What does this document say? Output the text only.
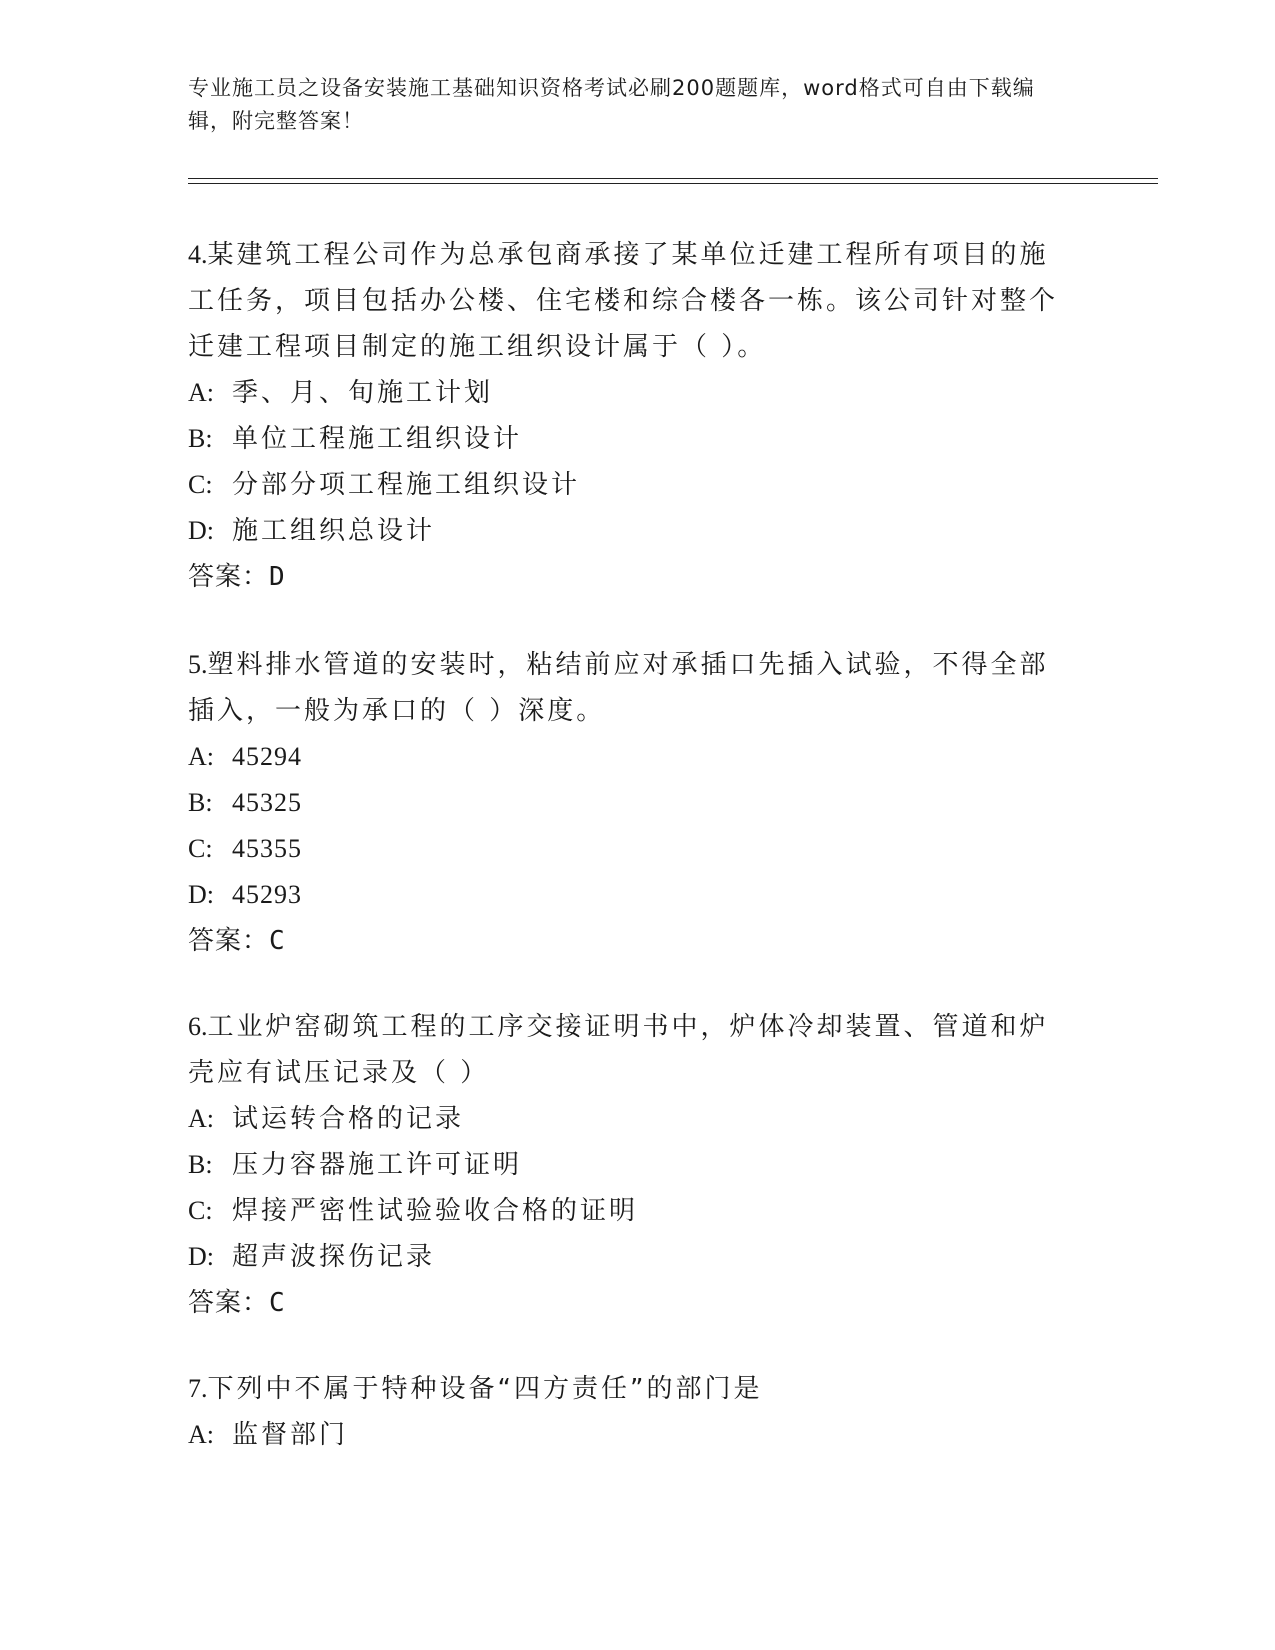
专业施工员之设备安装施工基础知识资格考试必刷200题题库，word格式可自由下载编辑，附完整答案！
4.某建筑工程公司作为总承包商承接了某单位迁建工程所有项目的施工任务，项目包括办公楼、住宅楼和综合楼各一栋。该公司针对整个迁建工程项目制定的施工组织设计属于（ ）。
A: 季、月、旬施工计划
B: 单位工程施工组织设计
C: 分部分项工程施工组织设计
D: 施工组织总设计
答案：D
5.塑料排水管道的安装时，粘结前应对承插口先插入试验，不得全部插入，一般为承口的（ ）深度。
A: 45294
B: 45325
C: 45355
D: 45293
答案：C
6.工业炉窑砌筑工程的工序交接证明书中，炉体冷却装置、管道和炉壳应有试压记录及（ ）
A: 试运转合格的记录
B: 压力容器施工许可证明
C: 焊接严密性试验验收合格的证明
D: 超声波探伤记录
答案：C
7.下列中不属于特种设备“四方责任”的部门是
A: 监督部门
